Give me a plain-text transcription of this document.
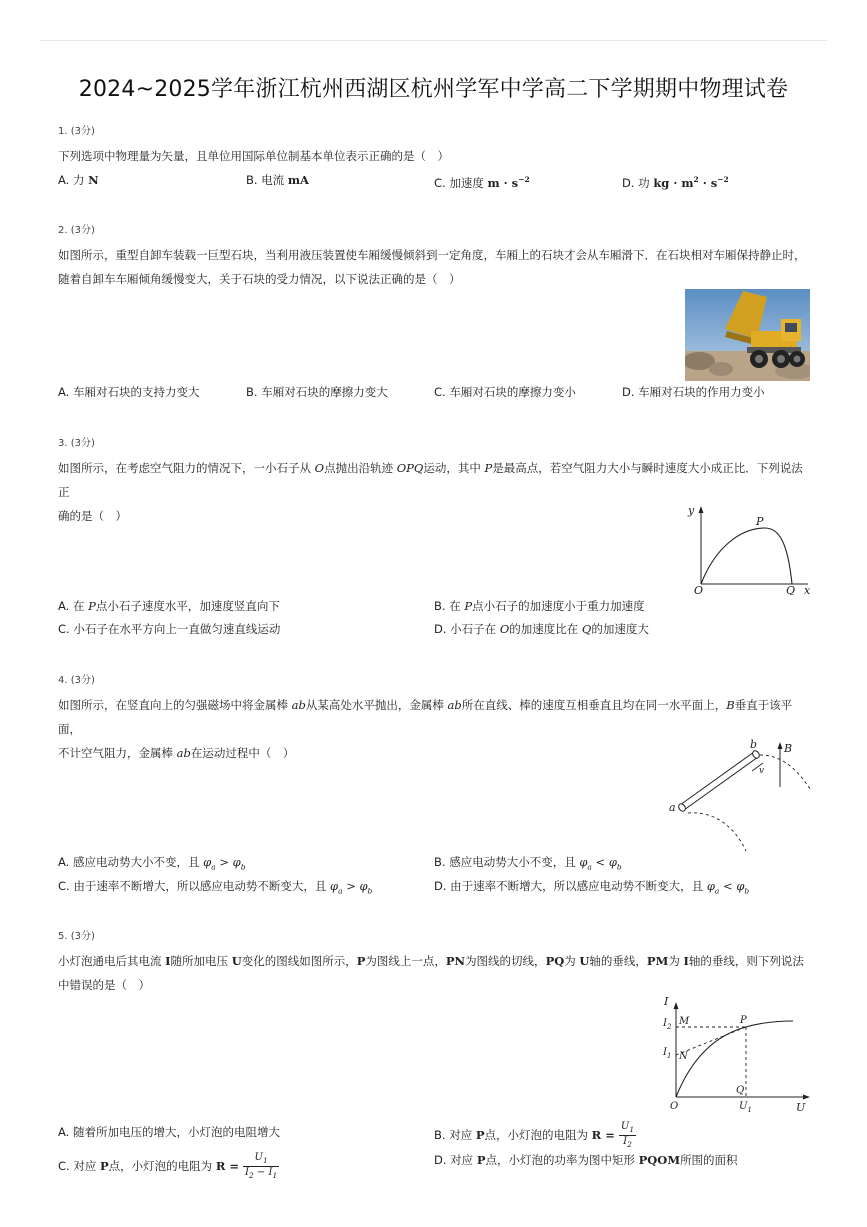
2024~2025学年浙江杭州西湖区杭州学军中学高二下学期期中物理试卷
1. (3分)
下列选项中物理量为矢量，且单位用国际单位制基本单位表示正确的是（　）
A. 力 N	B. 电流 mA	C. 加速度 $m \cdot s^{-2}$	D. 功 kg · $m^2 \cdot s^{-2}$
2. (3分)
如图所示，重型自卸车装载一巨型石块，当利用液压装置使车厢缓慢倾斜到一定角度，车厢上的石块才会从车厢滑下．在石块相对车厢保持静止时，
随着自卸车车厢倾角缓慢变大，关于石块的受力情况，以下说法正确的是（　）
A. 车厢对石块的支持力变大	B. 车厢对石块的摩擦力变大	C. 车厢对石块的摩擦力变小	D. 车厢对石块的作用力变小
3. (3分)
如图所示，在考虑空气阻力的情况下，一小石子从 O点抛出沿轨迹 OPQ运动，其中 P是最高点，若空气阻力大小与瞬时速度大小成正比．下列说法正
确的是（　）	y
P
O	Q x
A. 在 P点小石子速度水平，加速度竖直向下	B. 在 P点小石子的加速度小于重力加速度
C. 小石子在水平方向上一直做匀速直线运动	D. 小石子在 O的加速度比在 Q的加速度大
4. (3分)
如图所示，在竖直向上的匀强磁场中将金属棒 ab从某高处水平抛出，金属棒 ab所在直线、棒的速度互相垂直且均在同一水平面上，B垂直于该平面，
不计空气阻力，金属棒 ab在运动过程中（　）
a
b
v
B
A. 感应电动势大小不变，且 $\varphi_a > \varphi_b$	B. 感应电动势大小不变，且 $\varphi_a < \varphi_b$
C. 由于速率不断增大，所以感应电动势不断变大，且 $\varphi_a > \varphi_b$	D. 由于速率不断增大，所以感应电动势不断变大，且 $\varphi_a < \varphi_b$
5. (3分)
小灯泡通电后其电流 I随所加电压 U变化的图线如图所示，P为图线上一点，PN为图线的切线，PQ为 U轴的垂线，PM为 I轴的垂线，则下列说法
中错误的是（　）
I
$I_2$ M	P
$I_1$ N
Q
O	$U_1$	U
A. 随着所加电压的增大，小灯泡的电阻增大	B. 对应 P点，小灯泡的电阻为 $R = \frac{U_1}{I_2}$
C. 对应 P点，小灯泡的电阻为 $R = \frac{U_1}{I_2 - I_1}$	D. 对应 P点，小灯泡的功率为图中矩形 PQOM所围的面积
